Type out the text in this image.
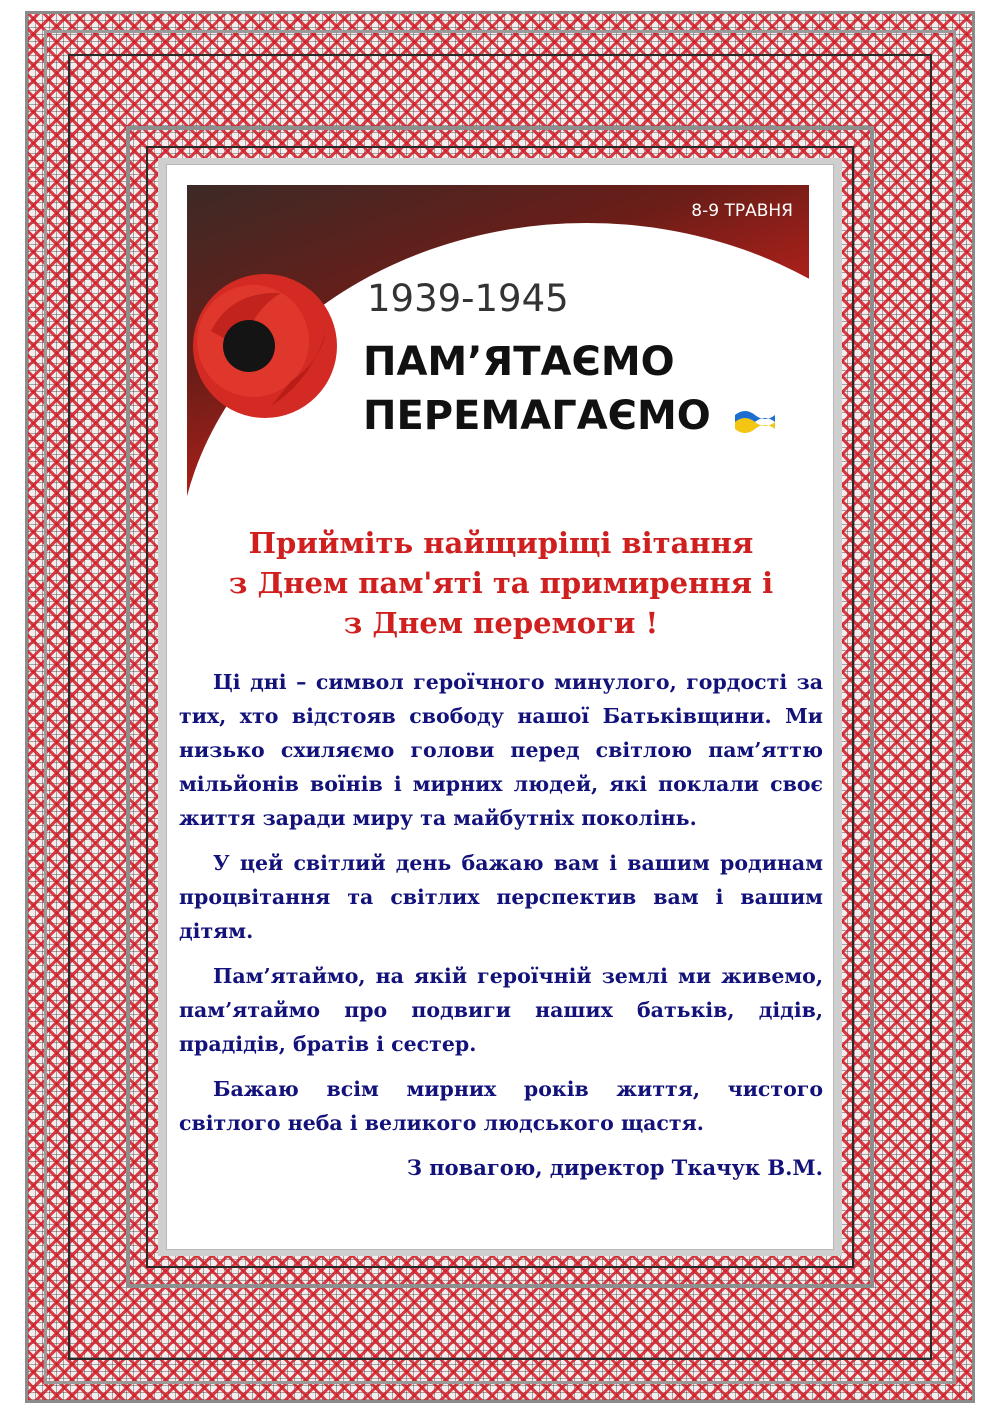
8-9 ТРАВНЯ
1939-1945
ПАМ’ЯТАЄМО
ПЕРЕМАГАЄМО
Прийміть найщиріщі вітання
з Днем пам'яті та примирення і
з Днем перемоги !

Ці дні – символ героїчного минулого, гордості за тих, хто відстояв свободу нашої Батьківщини. Ми низько схиляємо голови перед світлою пам’яттю мільйонів воїнів і мирних людей, які поклали своє життя заради миру та майбутніх поколінь.

У цей світлий день бажаю вам і вашим родинам процвітання та світлих перспектив вам і вашим дітям.

Пам’ятаймо, на якій героїчній землі ми живемо, пам’ятаймо про подвиги наших батьків, дідів, прадідів, братів і сестер.

Бажаю всім мирних років життя, чистого світлого неба і великого людського щастя.

З повагою, директор Ткачук В.М.
